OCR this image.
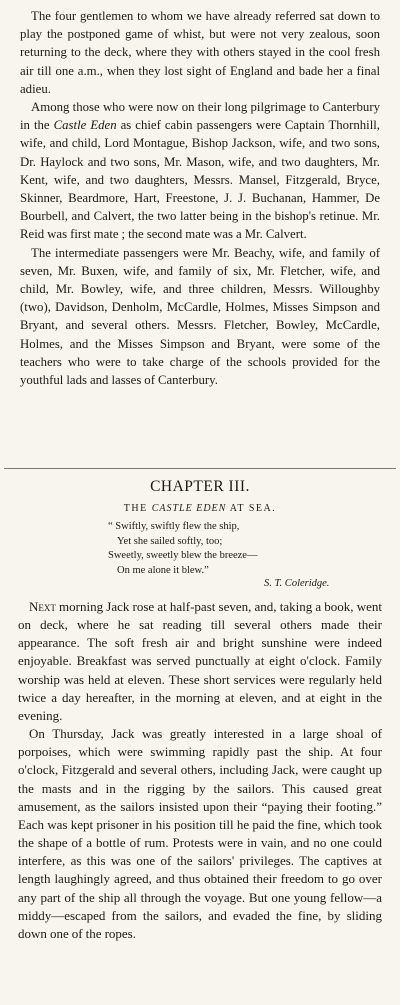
The four gentlemen to whom we have already referred sat down to play the postponed game of whist, but were not very zealous, soon returning to the deck, where they with others stayed in the cool fresh air till one a.m., when they lost sight of England and bade her a final adieu.

Among those who were now on their long pilgrimage to Canterbury in the Castle Eden as chief cabin passengers were Captain Thornhill, wife, and child, Lord Montague, Bishop Jackson, wife, and two sons, Dr. Haylock and two sons, Mr. Mason, wife, and two daughters, Mr. Kent, wife, and two daughters, Messrs. Mansel, Fitzgerald, Bryce, Skinner, Beardmore, Hart, Freestone, J. J. Buchanan, Hammer, De Bourbell, and Calvert, the two latter being in the bishop's retinue. Mr. Reid was first mate ; the second mate was a Mr. Calvert.

The intermediate passengers were Mr. Beachy, wife, and family of seven, Mr. Buxen, wife, and family of six, Mr. Fletcher, wife, and child, Mr. Bowley, wife, and three children, Messrs. Willoughby (two), Davidson, Denholm, McCardle, Holmes, Misses Simpson and Bryant, and several others. Messrs. Fletcher, Bowley, McCardle, Holmes, and the Misses Simpson and Bryant, were some of the teachers who were to take charge of the schools provided for the youthful lads and lasses of Canterbury.

CHAPTER III.
THE CASTLE EDEN AT SEA.
“ Swiftly, swiftly flew the ship,
Yet she sailed softly, too;
Sweetly, sweetly blew the breeze—
On me alone it blew.”
S. T. Coleridge.

Next morning Jack rose at half-past seven, and, taking a book, went on deck, where he sat reading till several others made their appearance. The soft fresh air and bright sunshine were indeed enjoyable. Breakfast was served punctually at eight o'clock. Family worship was held at eleven. These short services were regularly held twice a day hereafter, in the morning at eleven, and at eight in the evening.

On Thursday, Jack was greatly interested in a large shoal of porpoises, which were swimming rapidly past the ship. At four o'clock, Fitzgerald and several others, including Jack, were caught up the masts and in the rigging by the sailors. This caused great amusement, as the sailors insisted upon their “paying their footing.” Each was kept prisoner in his position till he paid the fine, which took the shape of a bottle of rum. Protests were in vain, and no one could interfere, as this was one of the sailors' privileges. The captives at length laughingly agreed, and thus obtained their freedom to go over any part of the ship all through the voyage. But one young fellow—a middy—escaped from the sailors, and evaded the fine, by sliding down one of the ropes.
